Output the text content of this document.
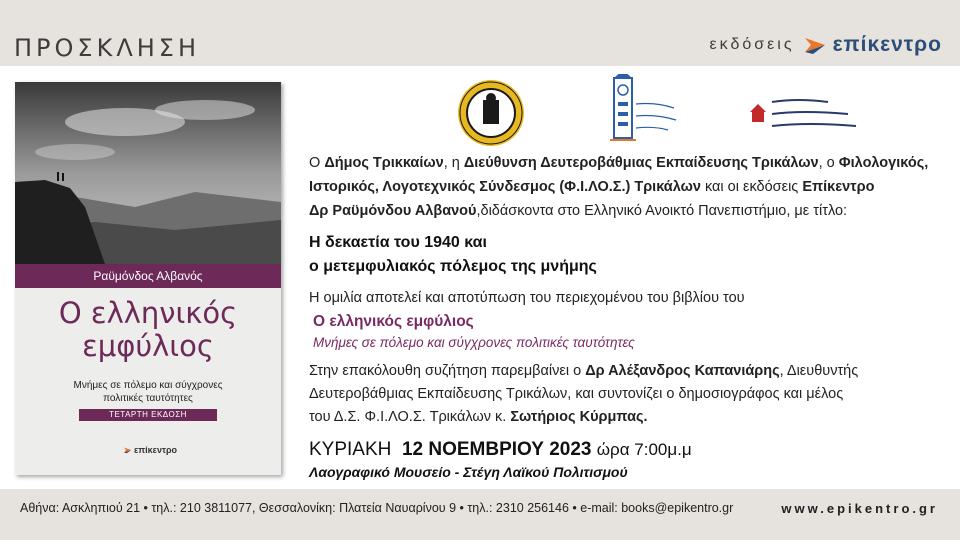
ΠΡΟΣΚΛΗΣΗ	εκδόσεις επίκεντρο
Ραϋμόνδος Αλβανός
Ο ελληνικός
εμφύλιος
Μνήμες σε πόλεμο και σύγχρονες
πολιτικές ταυτότητες
ΤΕΤΑΡΤΗ ΕΚΔΟΣΗ
επίκεντρο
Ο Δήμος Τρικκαίων, η Διεύθυνση Δευτεροβάθμιας Εκπαίδευσης Τρικάλων, ο Φιλολογικός,
Ιστορικός, Λογοτεχνικός Σύνδεσμος (Φ.Ι.ΛΟ.Σ.) Τρικάλων και οι εκδόσεις Επίκεντρο
Δρ Ραϋμόνδου Αλβανού,διδάσκοντα στο Ελληνικό Ανοικτό Πανεπιστήμιο, με τίτλο:
Η δεκαετία του 1940 και
ο μετεμφυλιακός πόλεμος της μνήμης
Η ομιλία αποτελεί και αποτύπωση του περιεχομένου του βιβλίου του
Ο ελληνικός εμφύλιος
Μνήμες σε πόλεμο και σύγχρονες πολιτικές ταυτότητες
Στην επακόλουθη συζήτηση παρεμβαίνει ο Δρ Αλέξανδρος Καπανιάρης, Διευθυντής
Δευτεροβάθμιας Εκπαίδευσης Τρικάλων, και συντονίζει ο δημοσιογράφος και μέλος
του Δ.Σ. Φ.Ι.ΛΟ.Σ. Τρικάλων κ. Σωτήριος Κύρμπας.
ΚΥΡΙΑΚΗ 12 ΝΟΕΜΒΡΙΟΥ 2023 ώρα 7:00μ.μ
Λαογραφικό Μουσείο - Στέγη Λαϊκού Πολιτισμού
Αθήνα: Ασκληπιού 21 • τηλ.: 210 3811077, Θεσσαλονίκη: Πλατεία Ναυαρίνου 9 • τηλ.: 2310 256146 • e-mail: books@epikentro.gr	www.epikentro.gr
